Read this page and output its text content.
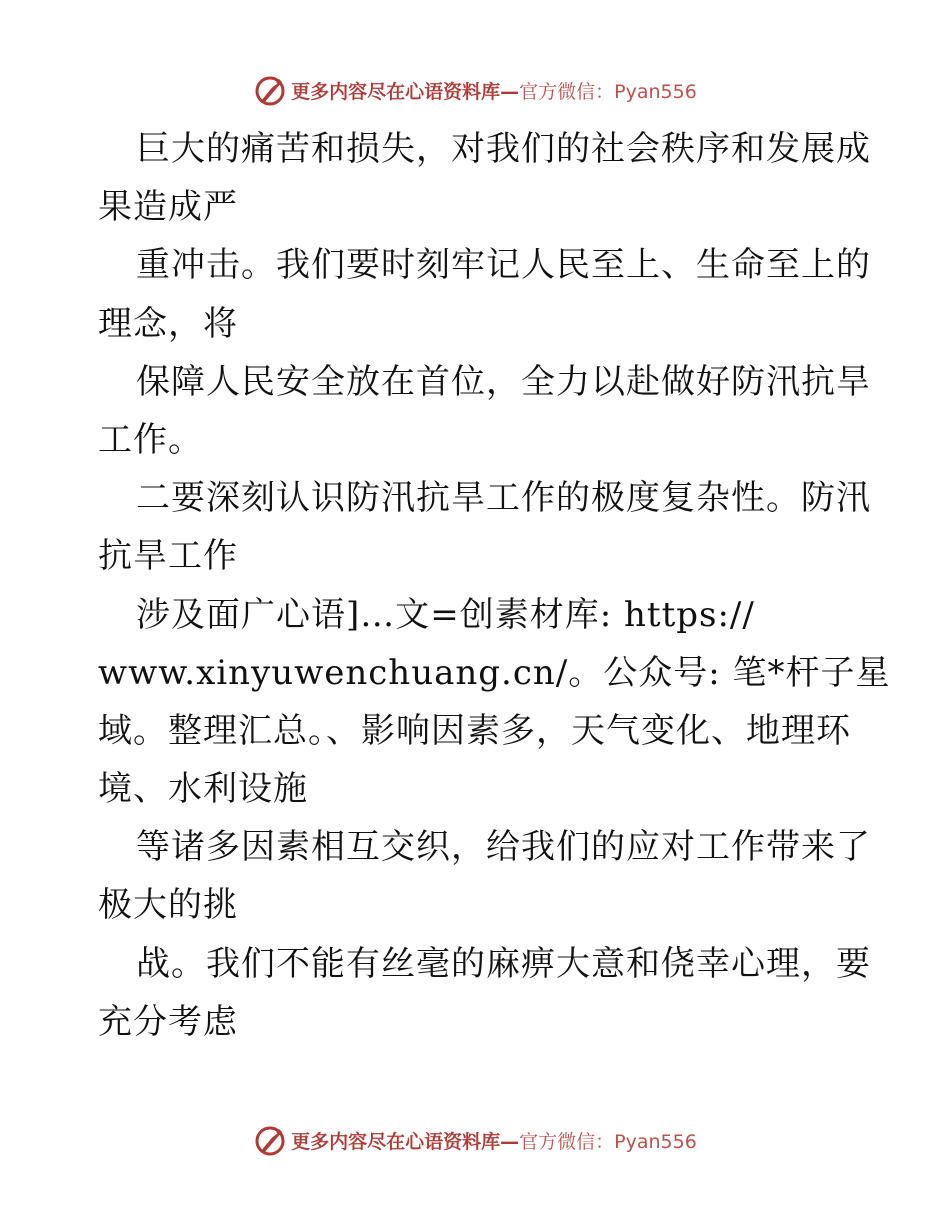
更多内容尽在心语资料库—官方微信：Pyan556
巨大的痛苦和损失，对我们的社会秩序和发展成
果造成严
重冲击。我们要时刻牢记人民至上、生命至上的
理念，将
保障人民安全放在首位，全力以赴做好防汛抗旱
工作。
二要深刻认识防汛抗旱工作的极度复杂性。防汛
抗旱工作
涉及面广心语]…文=创素材库: https://
www.xinyuwenchuang.cn/。公众号: 笔*杆子星
域。整理汇总。、影响因素多，天气变化、地理环
境、水利设施
等诸多因素相互交织，给我们的应对工作带来了
极大的挑
战。我们不能有丝毫的麻痹大意和侥幸心理，要
充分考虑
更多内容尽在心语资料库—官方微信：Pyan556
